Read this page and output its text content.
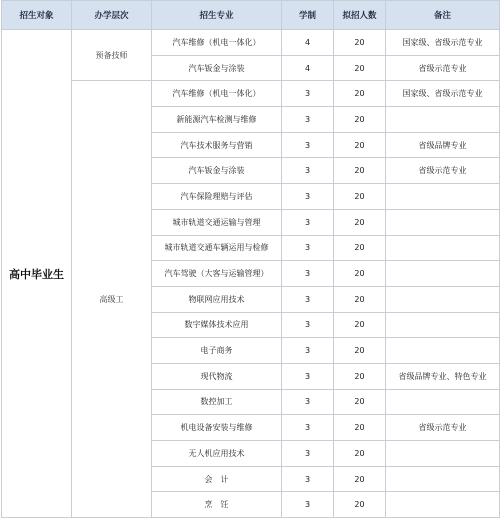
招生对象	办学层次	招生专业	学制	拟招人数	备注
高中毕业生	预备技师	汽车维修（机电一体化）	4	20	国家级、省级示范专业
		汽车钣金与涂装	4	20	省级示范专业
	高级工	汽车维修（机电一体化）	3	20	国家级、省级示范专业
		新能源汽车检测与维修	3	20	
		汽车技术服务与营销	3	20	省级品牌专业
		汽车钣金与涂装	3	20	省级示范专业
		汽车保险理赔与评估	3	20	
		城市轨道交通运输与管理	3	20	
		城市轨道交通车辆运用与检修	3	20	
		汽车驾驶（大客与运输管理）	3	20	
		物联网应用技术	3	20	
		数字媒体技术应用	3	20	
		电子商务	3	20	
		现代物流	3	20	省级品牌专业、特色专业
		数控加工	3	20	
		机电设备安装与维修	3	20	省级示范专业
		无人机应用技术	3	20	
		会　计	3	20	
		烹　饪	3	20	
